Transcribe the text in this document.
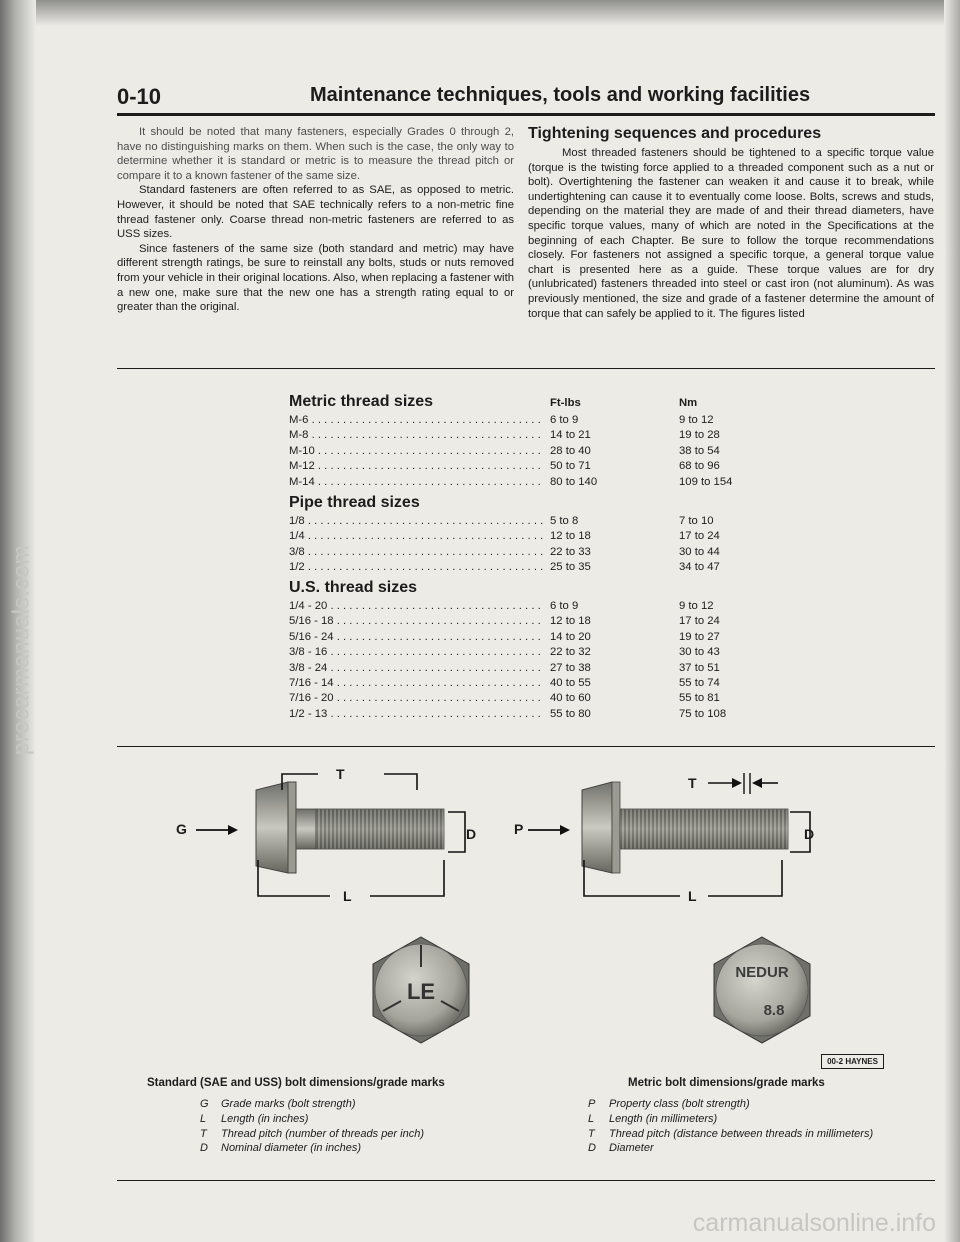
procarmanuals.com
0-10	Maintenance techniques, tools and working facilities

It should be noted that many fasteners, especially Grades 0 through 2, have no distinguishing marks on them. When such is the case, the only way to determine whether it is standard or metric is to measure the thread pitch or compare it to a known fastener of the same size.

Standard fasteners are often referred to as SAE, as opposed to metric. However, it should be noted that SAE technically refers to a non-metric fine thread fastener only. Coarse thread non-metric fasteners are referred to as USS sizes.

Since fasteners of the same size (both standard and metric) may have different strength ratings, be sure to reinstall any bolts, studs or nuts removed from your vehicle in their original locations. Also, when replacing a fastener with a new one, make sure that the new one has a strength rating equal to or greater than the original.

Tightening sequences and procedures

Most threaded fasteners should be tightened to a specific torque value (torque is the twisting force applied to a threaded component such as a nut or bolt). Overtightening the fastener can weaken it and cause it to break, while undertightening can cause it to eventually come loose. Bolts, screws and studs, depending on the material they are made of and their thread diameters, have specific torque values, many of which are noted in the Specifications at the beginning of each Chapter. Be sure to follow the torque recommendations closely. For fasteners not assigned a specific torque, a general torque value chart is presented here as a guide. These torque values are for dry (unlubricated) fasteners threaded into steel or cast iron (not aluminum). As was previously mentioned, the size and grade of a fastener determine the amount of torque that can safely be applied to it. The figures listed

Ft-lbs	Nm
Metric thread sizes
M-6 . . .	6 to 9	9 to 12
M-8 . . .	14 to 21	19 to 28
M-10 . . .	28 to 40	38 to 54
M-12 . . .	50 to 71	68 to 96
M-14 . . .	80 to 140	109 to 154
Pipe thread sizes
1/8 . . .	5 to 8	7 to 10
1/4 . . .	12 to 18	17 to 24
3/8 . . .	22 to 33	30 to 44
1/2 . . .	25 to 35	34 to 47
U.S. thread sizes
1/4 - 20 . . .	6 to 9	9 to 12
5/16 - 18 . . .	12 to 18	17 to 24
5/16 - 24 . . .	14 to 20	19 to 27
3/8 - 16 . . .	22 to 32	30 to 43
3/8 - 24 . . .	27 to 38	37 to 51
7/16 - 14 . . .	40 to 55	55 to 74
7/16 - 20 . . .	40 to 60	55 to 81
1/2 - 13 . . .	55 to 80	75 to 108
G
T
D
L
P
T
D
L
LE
NEDUR
8.8
00-2 HAYNES
Standard (SAE and USS) bolt dimensions/grade marks
G	Grade marks (bolt strength)
L	Length (in inches)
T	Thread pitch (number of threads per inch)
D	Nominal diameter (in inches)
Metric bolt dimensions/grade marks
P	Property class (bolt strength)
L	Length (in millimeters)
T	Thread pitch (distance between threads in millimeters)
D	Diameter
carmanualsonline.info
